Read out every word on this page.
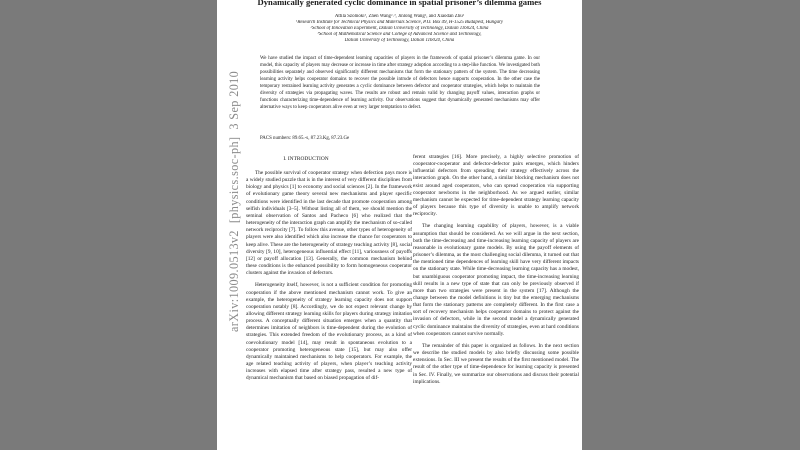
Dynamically generated cyclic dominance in spatial prisoner’s dilemma games
Attila Szolnoki¹, Zhen Wang²˒³, Jinlong Wang², and Xiaodan Zhu²
¹Research Institute for Technical Physics and Materials Science, P.O. Box 49, H-1525 Budapest, Hungary
²School of Innovation Experiment, Dalian University of Technology, Dalian 116024, China
³School of Mathematical Science and College of Advanced Science and Technology,
Dalian University of Technology, Dalian 116024, China
We have studied the impact of time-dependent learning capacities of players in the framework of spatial prisoner’s dilemma game. In our model, this capacity of players may decrease or increase in time after strategy adoption according to a step-like function. We investigated both possibilities separately and observed significantly different mechanisms that form the stationary pattern of the system. The time decreasing learning activity helps cooperator domains to recover the possible intrude of defectors hence supports cooperation. In the other case the temporary restrained learning activity generates a cyclic dominance between defector and cooperator strategies, which helps to maintain the diversity of strategies via propagating waves. The results are robust and remain valid by changing payoff values, interaction graphs or functions characterizing time-dependence of learning activity. Our observations suggest that dynamically generated mechanisms may offer alternative ways to keep cooperators alive even at very larger temptation to defect.
PACS numbers: 89.65.-s, 87.23.Kg, 87.23.Ge
I. INTRODUCTION

The possible survival of cooperator strategy when defection pays more is a widely studied puzzle that is in the interest of very different disciplines from biology and physics [1] to economy and social sciences [2]. In the framework of evolutionary game theory several new mechanisms and player specific conditions were identified in the last decade that promote cooperation among selfish individuals [3–5]. Without listing all of them, we should mention the seminal observation of Santos and Pacheco [6] who realized that the heterogeneity of the interaction graph can amplify the mechanism of so-called network reciprocity [7]. To follow this avenue, other types of heterogeneity of players were also identified which also increase the chance for cooperators to keep alive. These are the heterogeneity of strategy teaching activity [8], social diversity [9, 10], heterogeneous influential effect [11], variousness of payoffs [12] or payoff allocation [13]. Generally, the common mechanism behind these conditions is the enhanced possibility to form homogeneous cooperator clusters against the invasion of defectors.

Heterogeneity itself, however, is not a sufficient condition for promoting cooperation if the above mentioned mechanism cannot work. To give an example, the heterogeneity of strategy learning capacity does not support cooperation notably [8]. Accordingly, we do not expect relevant change by allowing different strategy learning skills for players during strategy imitation process. A conceptually different situation emerges when a quantity that determines imitation of neighbors is time-dependent during the evolution of strategies. This extended freedom of the evolutionary process, as a kind of coevolutionary model [14], may result in spontaneous evolution to a cooperator promoting heterogeneous state [15], but may also offer dynamically maintained mechanisms to help cooperators. For example, the age related teaching activity of players, when player’s teaching activity increases with elapsed time after strategy pass, resulted a new type of dynamical mechanism that based on biased propagation of dif-

ferent strategies [16]. More precisely, a highly selective promotion of cooperator-cooperator and defector-defector pairs emerges, which hinders influential defectors from spreading their strategy effectively across the interaction graph. On the other hand, a similar blocking mechanism does not exist around aged cooperators, who can spread cooperation via supporting cooperator newborns in the neighborhood. As we argued earlier, similar mechanism cannot be expected for time-dependent strategy learning capacity of players because this type of diversity is unable to amplify network reciprocity.

The changing learning capability of players, however, is a viable assumption that should be considered. As we will argue in the next section, both the time-decreasing and time-increasing learning capacity of players are reasonable in evolutionary game models. By using the payoff elements of prisoner’s dilemma, as the most challenging social dilemma, it turned out that the mentioned time dependences of learning skill have very different impacts on the stationary state. While time-decreasing learning capacity has a modest, but unambiguous cooperator promoting impact, the time-increasing learning skill results in a new type of state that can only be previously observed if more than two strategies were present in the system [17]. Although the change between the model definitions is tiny but the emerging mechanisms that form the stationary patterns are completely different. In the first case a sort of recovery mechanism helps cooperator domains to protect against the invasion of defectors, while in the second model a dynamically generated cyclic dominance maintains the diversity of strategies, even at hard conditions when cooperators cannot survive normally.

The remainder of this paper is organized as follows. In the next section we describe the studied models by also briefly discussing some possible extensions. In Sec. III we present the results of the first mentioned model. The result of the other type of time-dependence for learning capacity is presented in Sec. IV. Finally, we summarize our observations and discuss their potential implications.

arXiv:1009.0513v2  [physics.soc-ph]  3 Sep 2010
